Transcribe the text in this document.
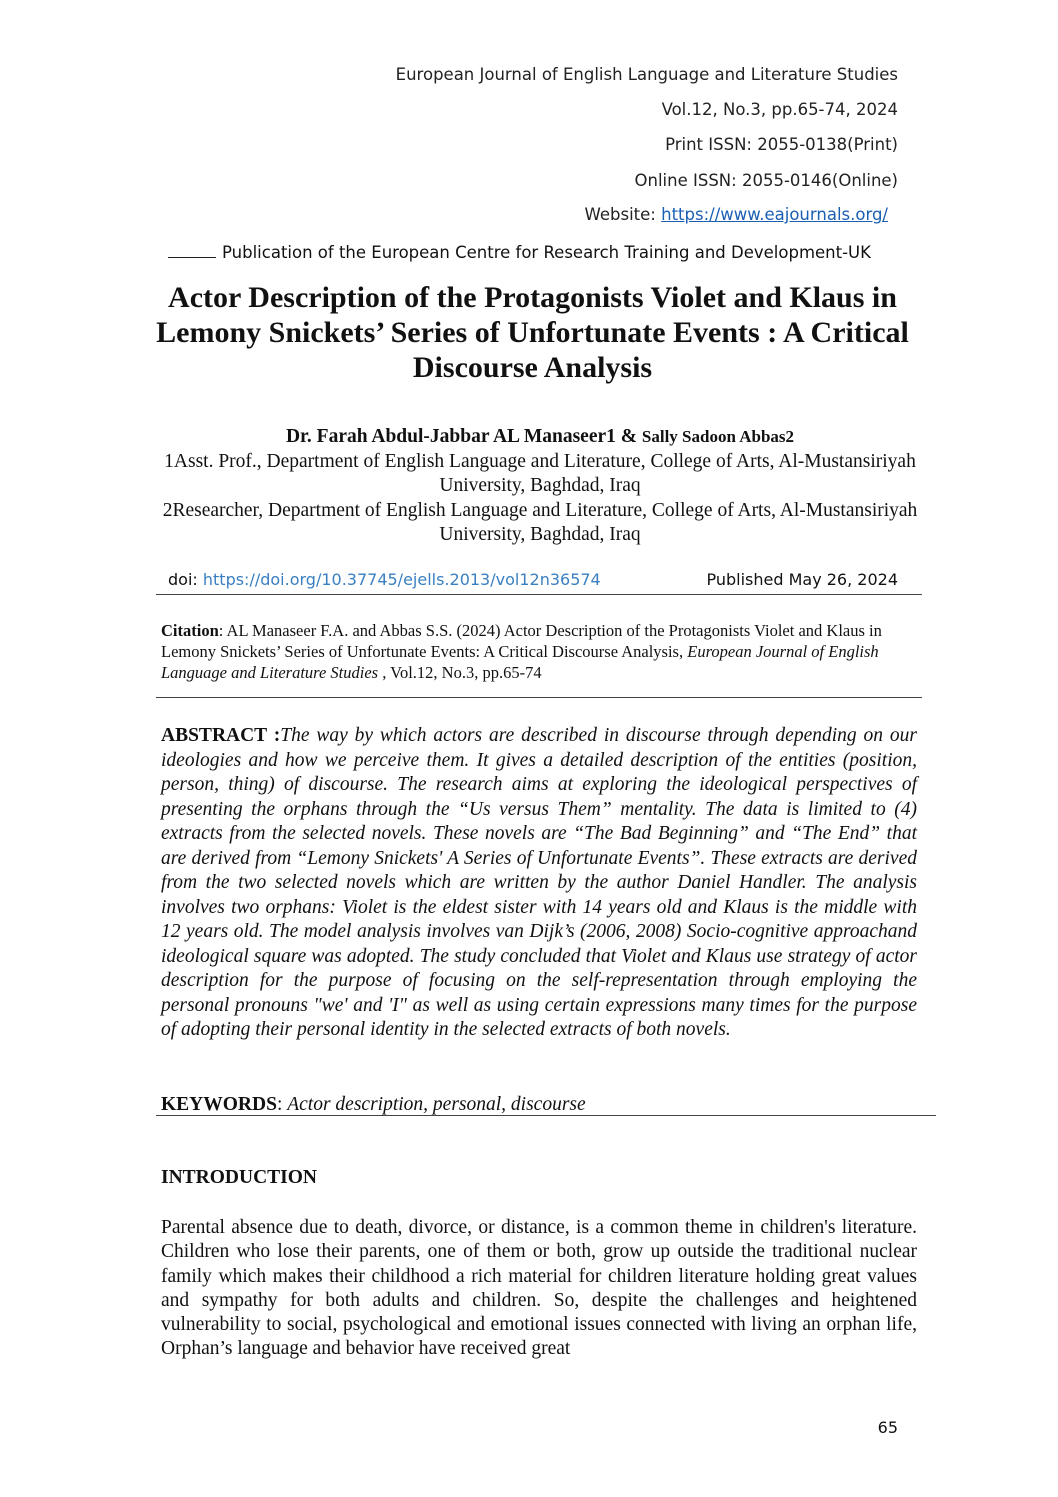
European Journal of English Language and Literature Studies
Vol.12, No.3, pp.65-74, 2024
Print ISSN: 2055-0138(Print)
Online ISSN: 2055-0146(Online)
Website: https://www.eajournals.org/
Publication of the European Centre for Research Training and Development-UK
Actor Description of the Protagonists Violet and Klaus in Lemony Snickets’ Series of Unfortunate Events : A Critical Discourse Analysis
Dr. Farah Abdul-Jabbar AL Manaseer1 & Sally Sadoon Abbas2
1Asst. Prof., Department of English Language and Literature, College of Arts, Al-Mustansiriyah University, Baghdad, Iraq
2Researcher, Department of English Language and Literature, College of Arts, Al-Mustansiriyah University, Baghdad, Iraq
doi: https://doi.org/10.37745/ejells.2013/vol12n36574	Published May 26, 2024
Citation: AL Manaseer F.A. and Abbas S.S. (2024) Actor Description of the Protagonists Violet and Klaus in Lemony Snickets’ Series of Unfortunate Events: A Critical Discourse Analysis, European Journal of English Language and Literature Studies , Vol.12, No.3, pp.65-74
ABSTRACT :The way by which actors are described in discourse through depending on our ideologies and how we perceive them. It gives a detailed description of the entities (position, person, thing) of discourse. The research aims at exploring the ideological perspectives of presenting the orphans through the “Us versus Them” mentality. The data is limited to (4) extracts from the selected novels. These novels are “The Bad Beginning” and “The End” that are derived from “Lemony Snickets' A Series of Unfortunate Events”. These extracts are derived from the two selected novels which are written by the author Daniel Handler. The analysis involves two orphans: Violet is the eldest sister with 14 years old and Klaus is the middle with 12 years old. The model analysis involves van Dijk’s (2006, 2008) Socio-cognitive approachand ideological square was adopted. The study concluded that Violet and Klaus use strategy of actor description for the purpose of focusing on the self-representation through employing the personal pronouns "we' and 'I" as well as using certain expressions many times for the purpose of adopting their personal identity in the selected extracts of both novels.
KEYWORDS: Actor description, personal, discourse
INTRODUCTION

Parental absence due to death, divorce, or distance, is a common theme in children's literature. Children who lose their parents, one of them or both, grow up outside the traditional nuclear family which makes their childhood a rich material for children literature holding great values and sympathy for both adults and children. So, despite the challenges and heightened vulnerability to social, psychological and emotional issues connected with living an orphan life, Orphan’s language and behavior have received great

65
